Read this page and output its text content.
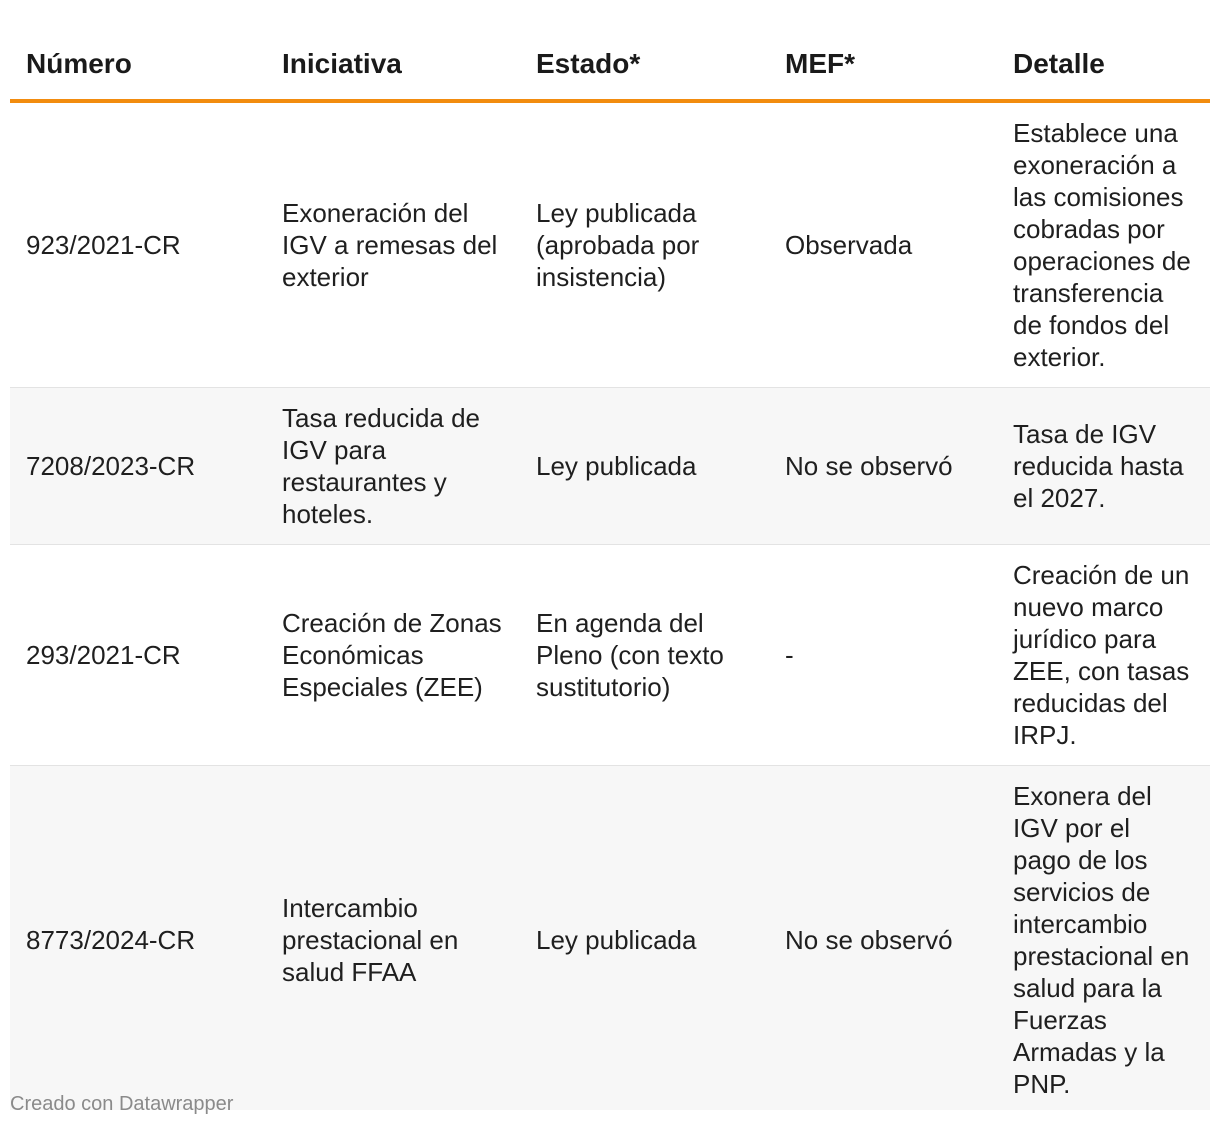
Número	Iniciativa	Estado*	MEF*	Detalle
923/2021-CR	Exoneración del IGV a remesas del exterior	Ley publicada (aprobada por insistencia)	Observada	Establece una exoneración a las comisiones cobradas por operaciones de transferencia de fondos del exterior.
7208/2023-CR	Tasa reducida de IGV para restaurantes y hoteles.	Ley publicada	No se observó	Tasa de IGV reducida hasta el 2027.
293/2021-CR	Creación de Zonas Económicas Especiales (ZEE)	En agenda del Pleno (con texto sustitutorio)	-	Creación de un nuevo marco jurídico para ZEE, con tasas reducidas del IRPJ.
8773/2024-CR	Intercambio prestacional en salud FFAA	Ley publicada	No se observó	Exonera del IGV por el pago de los servicios de intercambio prestacional en salud para la Fuerzas Armadas y la PNP.
Creado con Datawrapper
